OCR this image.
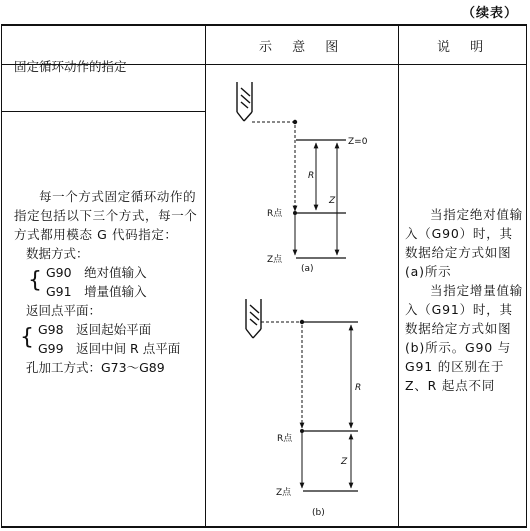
（续表）
示 意 图	说 明
固定循环动作的指定
每一个方式固定循环动作的指定包括以下三个方式，每一个方式都用模态 G 代码指定：
数据方式：
{ G90　绝对值输入
G91　增量值输入
返回点平面：
{ G98　返回起始平面
G99　返回中间 R 点平面
孔加工方式：G73～G89
当指定绝对值输入（G90）时，其数据给定方式如图(a)所示
当指定增量值输入（G91）时，其数据给定方式如图(b)所示。G90 与 G91 的区别在于 Z、R 起点不同
Z=0
R
Z
R点
Z点
(a)
R
Z
R点
Z点
(b)
